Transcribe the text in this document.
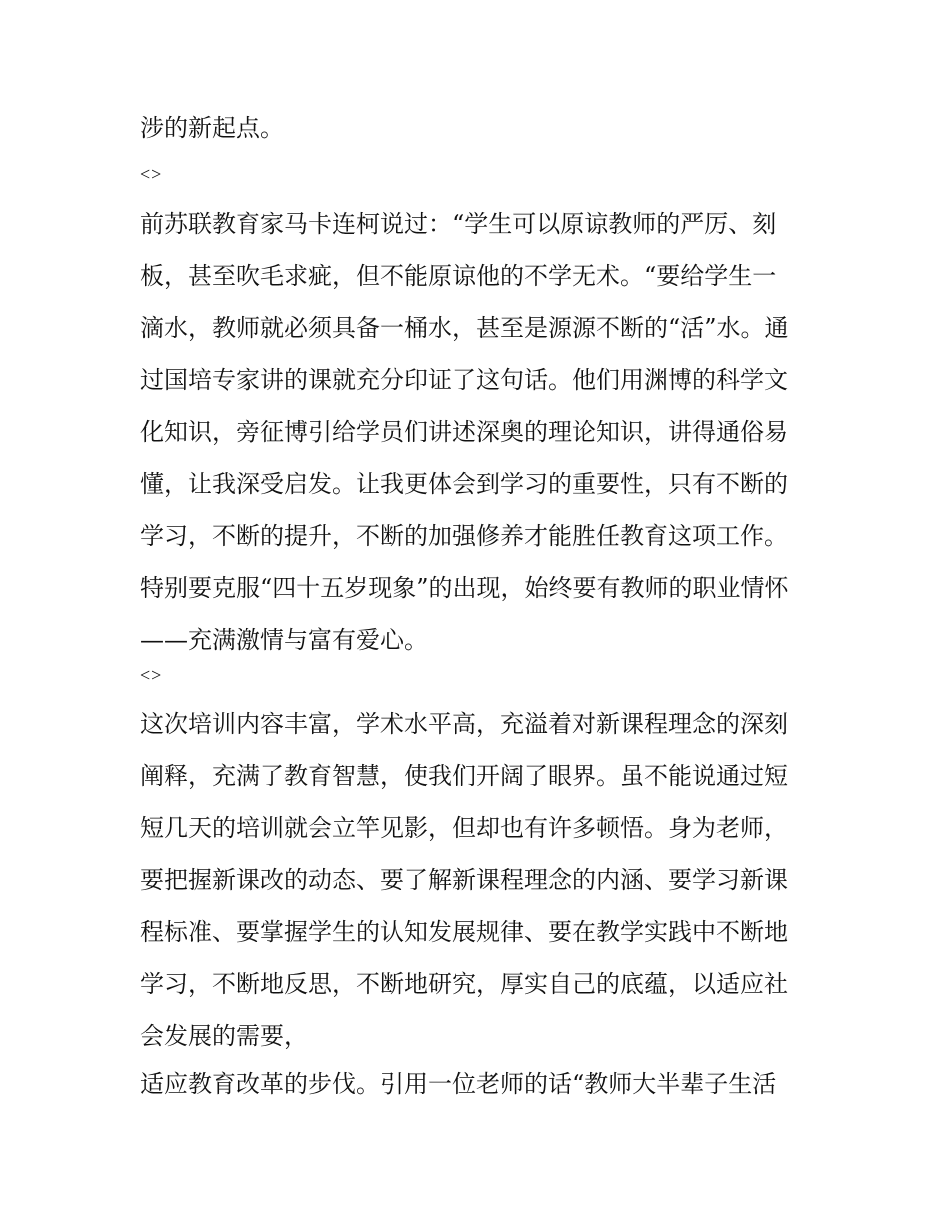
涉的新起点。
<>
前苏联教育家马卡连柯说过：“学生可以原谅教师的严厉、刻
板，甚至吹毛求疵，但不能原谅他的不学无术。“要给学生一
滴水，教师就必须具备一桶水，甚至是源源不断的“活”水。通
过国培专家讲的课就充分印证了这句话。他们用渊博的科学文
化知识，旁征博引给学员们讲述深奥的理论知识，讲得通俗易
懂，让我深受启发。让我更体会到学习的重要性，只有不断的
学习，不断的提升，不断的加强修养才能胜任教育这项工作。
特别要克服“四十五岁现象”的出现，始终要有教师的职业情怀
——充满激情与富有爱心。
<>
这次培训内容丰富，学术水平高，充溢着对新课程理念的深刻
阐释，充满了教育智慧，使我们开阔了眼界。虽不能说通过短
短几天的培训就会立竿见影，但却也有许多顿悟。身为老师，
要把握新课改的动态、要了解新课程理念的内涵、要学习新课
程标准、要掌握学生的认知发展规律、要在教学实践中不断地
学习，不断地反思，不断地研究，厚实自己的底蕴，以适应社
会发展的需要，
适应教育改革的步伐。引用一位老师的话“教师大半辈子生活
